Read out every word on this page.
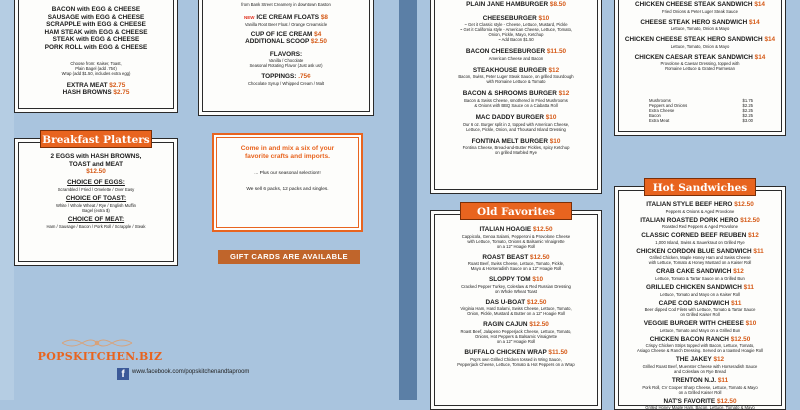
BACON with EGG & CHEESE
SAUSAGE with EGG & CHEESE
SCRAPPLE with EGG & CHEESE
HAM STEAK with EGG & CHEESE
STEAK with EGG & CHEESE
PORK ROLL with EGG & CHEESE
Choose from: Kaiser, Toast,
Plain Bagel (add .75¢)
Wrap (add $1.50, includes extra egg)
EXTRA MEAT $2.75
HASH BROWNS $2.75
2 EGGS with HASH BROWNS,
TOAST and MEAT
$12.50
CHOICE OF EGGS:
Scrambled / Fried / Omelette / Over Easy
CHOICE OF TOAST:
White / Whole Wheat / Rye / English Muffin
Bagel (extra $)
CHOICE OF MEAT:
Ham / Sausage / Bacon / Pork Roll / Scrapple / Steak
Breakfast Platters
POPSKITCHEN.BIZ
f	www.facebook.com/popskitchenandtaproom
from Bank Street Creamery in downtown Easton
$^{NEW}$ ICE CREAM FLOATS $8
Vanilla Root Beer Float / Orange Creamsicle
CUP OF ICE CREAM $4
ADDITIONAL SCOOP $2.50
FLAVORS:
Vanilla / Chocolate
Seasonal Rotating Flavor (Just ask us!)
TOPPINGS: .75¢
Chocolate Syrup / Whipped Cream / Malt
Come in and mix a six of your
favorite crafts and imports.
... Plus our seasonal selection!!
We sell 6 packs, 12 packs and singles.
GIFT CARDS ARE AVAILABLE
PLAIN JANE HAMBURGER $8.50
CHEESEBURGER $10
~ Get it Classic style - Cheese, Lettuce, Mustard, Pickle
~ Get it California style - American Cheese, Lettuce, Tomato,
Onion, Pickle, Mayo, Ketchup
~ Add Bacon $1.50
BACON CHEESEBURGER $11.50
American Cheese and Bacon
STEAKHOUSE BURGER $12
Bacon, Swiss, Peter Luger Steak Sauce, on grilled Sourdough
with Romaine Lettuce & Tomato
BACON & SHROOMS BURGER $12
Bacon & Swiss Cheese, smothered in Fried Mushrooms
& Onions with BBQ Sauce on a Ciabatta Roll
MAC DADDY BURGER $10
Our 6 oz. Burger split in 2, topped with American Cheese,
Lettuce, Pickle, Onion, and Thousand Island Dressing
FONTINA MELT BURGER $10
Fontina Cheese, Bread-and-Butter Pickles, spicy Ketchup
on grilled Marbled Rye
ITALIAN HOAGIE $12.50
Cappicola, Genoa Salami, Pepperoni & Provolone Cheese
with Lettuce, Tomato, Onions & Balsamic Vinaigrette
on a 12" Hoagie Roll
ROAST BEAST $12.50
Roast Beef, Swiss Cheese, Lettuce, Tomato, Pickle,
Mayo & Horseradish Sauce on a 12" Hoagie Roll
SLOPPY TOM $10
Cracked Pepper Turkey, Coleslaw & Red Russian Dressing
on Whole Wheat Toast
DAS U-BOAT $12.50
Virginia Ham, Hard Salami, Swiss Cheese, Lettuce, Tomato,
Onion, Pickle, Mustard & Butter on a 12" Hoagie Roll
RAGIN CAJUN $12.50
Roast Beef, Jalapeno Pepperjack Cheese, Lettuce, Tomato,
Onions, Hot Peppers & Balsamic Vinaigrette
on a 12" Hoagie Roll
BUFFALO CHICKEN WRAP $11.50
Pop's own Grilled Chicken tossed in Wing Sauce,
Pepperjack Cheese, Lettuce, Tomato & Hot Peppers on a Wrap
Old Favorites
CHICKEN CHEESE STEAK SANDWICH $14
Fried Onions & Peter Luger Steak Sauce
CHEESE STEAK HERO SANDWICH $14
Lettuce, Tomato, Onion & Mayo
CHICKEN CHEESE STEAK HERO SANDWICH $14
Lettuce, Tomato, Onion & Mayo
CHICKEN CAESAR STEAK SANDWICH $14
Provolone & Caesar Dressing, topped with
Romaine Lettuce & Grated Parmesan
Mushrooms	$1.75
Peppers and Onions	$2.25
Extra Cheese	$2.25
Bacon	$2.25
Extra Meat	$3.00
ITALIAN STYLE BEEF HERO $12.50
Peppers & Onions & Aged Provolone
ITALIAN ROASTED PORK HERO $12.50
Roasted Red Peppers & Aged Provolone
CLASSIC CORNED BEEF REUBEN $12
1,000 Island, Swiss & Sauerkraut on Grilled Rye
CHICKEN CORDON BLUE SANDWICH $11
Grilled Chicken, Maple Honey Ham and Swiss Cheese
with Lettuce, Tomato & Honey Mustard on a Kaiser Roll
CRAB CAKE SANDWICH $12
Lettuce, Tomato & Tartar Sauce on a Grilled Bun
GRILLED CHICKEN SANDWICH $11
Lettuce, Tomato and Mayo on a Kaiser Roll
CAPE COD SANDWICH $11
Beer dipped Cod Filets with Lettuce, Tomato & Tartar Sauce
on Grilled Kaiser Roll
VEGGIE BURGER WITH CHEESE $10
Lettuce, Tomato and Mayo on a Grilled Bun
CHICKEN BACON RANCH $12.50
Crispy Chicken Strips topped with Bacon, Lettuce, Tomato,
Asiago Cheese & Ranch Dressing. Served on a toasted Hoagie Roll
THE JAKEY $12
Grilled Roast Beef, Muenster Cheese with Horseradish Sauce
and Coleslaw on Rye Bread
TRENTON N.J. $11
Pork Roll, CV Cooper Sharp Cheese, Lettuce, Tomato & Mayo
on a Grilled Kaiser Roll
NAT'S FAVORITE $12.50
Grilled Honey Maple Ham, Bacon, Lettuce, Tomato & Mayo
Hot Sandwiches
